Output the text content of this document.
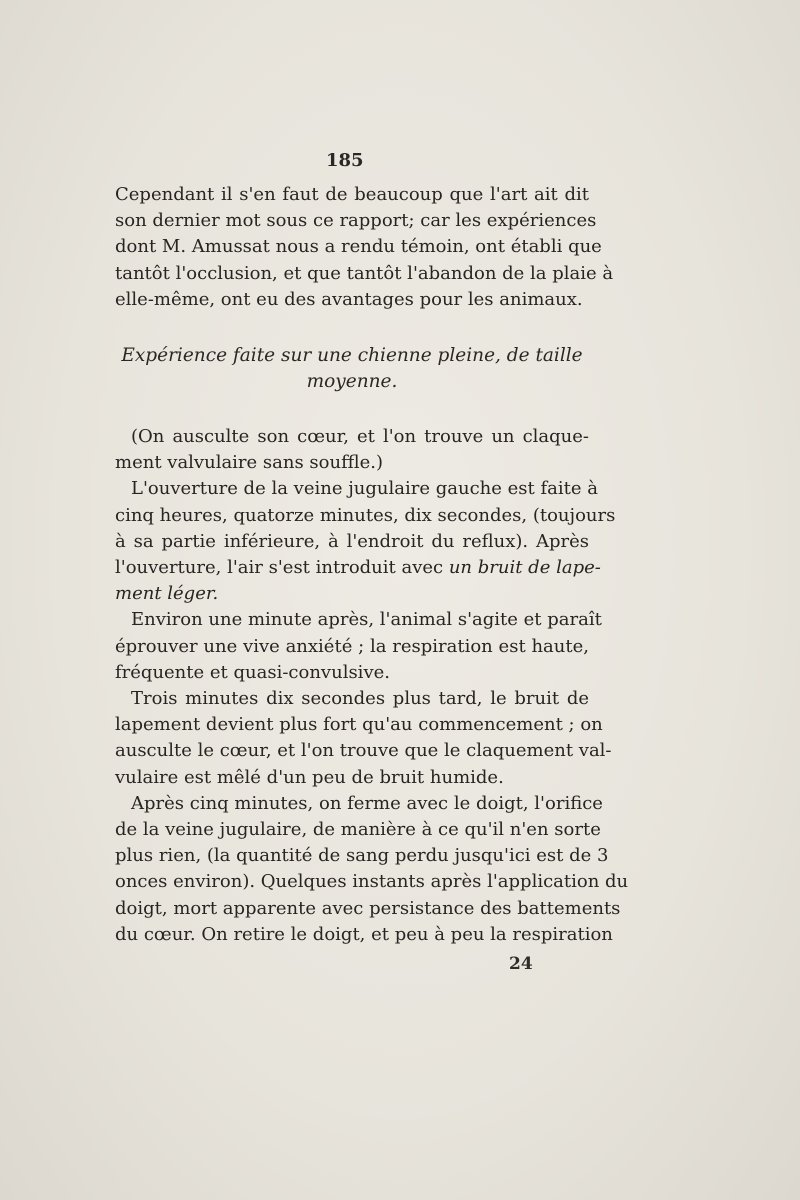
185
Cependant il s'en faut de beaucoup que l'art ait dit
son dernier mot sous ce rapport; car les expériences
dont M. Amussat nous a rendu témoin, ont établi que
tantôt l'occlusion, et que tantôt l'abandon de la plaie à
elle-même, ont eu des avantages pour les animaux.
Expérience faite sur une chienne pleine, de taille
moyenne.
(On ausculte son cœur, et l'on trouve un claque-
ment valvulaire sans souffle.)
L'ouverture de la veine jugulaire gauche est faite à
cinq heures, quatorze minutes, dix secondes, (toujours
à sa partie inférieure, à l'endroit du reflux). Après
l'ouverture, l'air s'est introduit avec un bruit de lape-
ment léger.
Environ une minute après, l'animal s'agite et paraît
éprouver une vive anxiété ; la respiration est haute,
fréquente et quasi-convulsive.
Trois minutes dix secondes plus tard, le bruit de
lapement devient plus fort qu'au commencement ; on
ausculte le cœur, et l'on trouve que le claquement val-
vulaire est mêlé d'un peu de bruit humide.
Après cinq minutes, on ferme avec le doigt, l'orifice
de la veine jugulaire, de manière à ce qu'il n'en sorte
plus rien, (la quantité de sang perdu jusqu'ici est de 3
onces environ). Quelques instants après l'application du
doigt, mort apparente avec persistance des battements
du cœur. On retire le doigt, et peu à peu la respiration
24
